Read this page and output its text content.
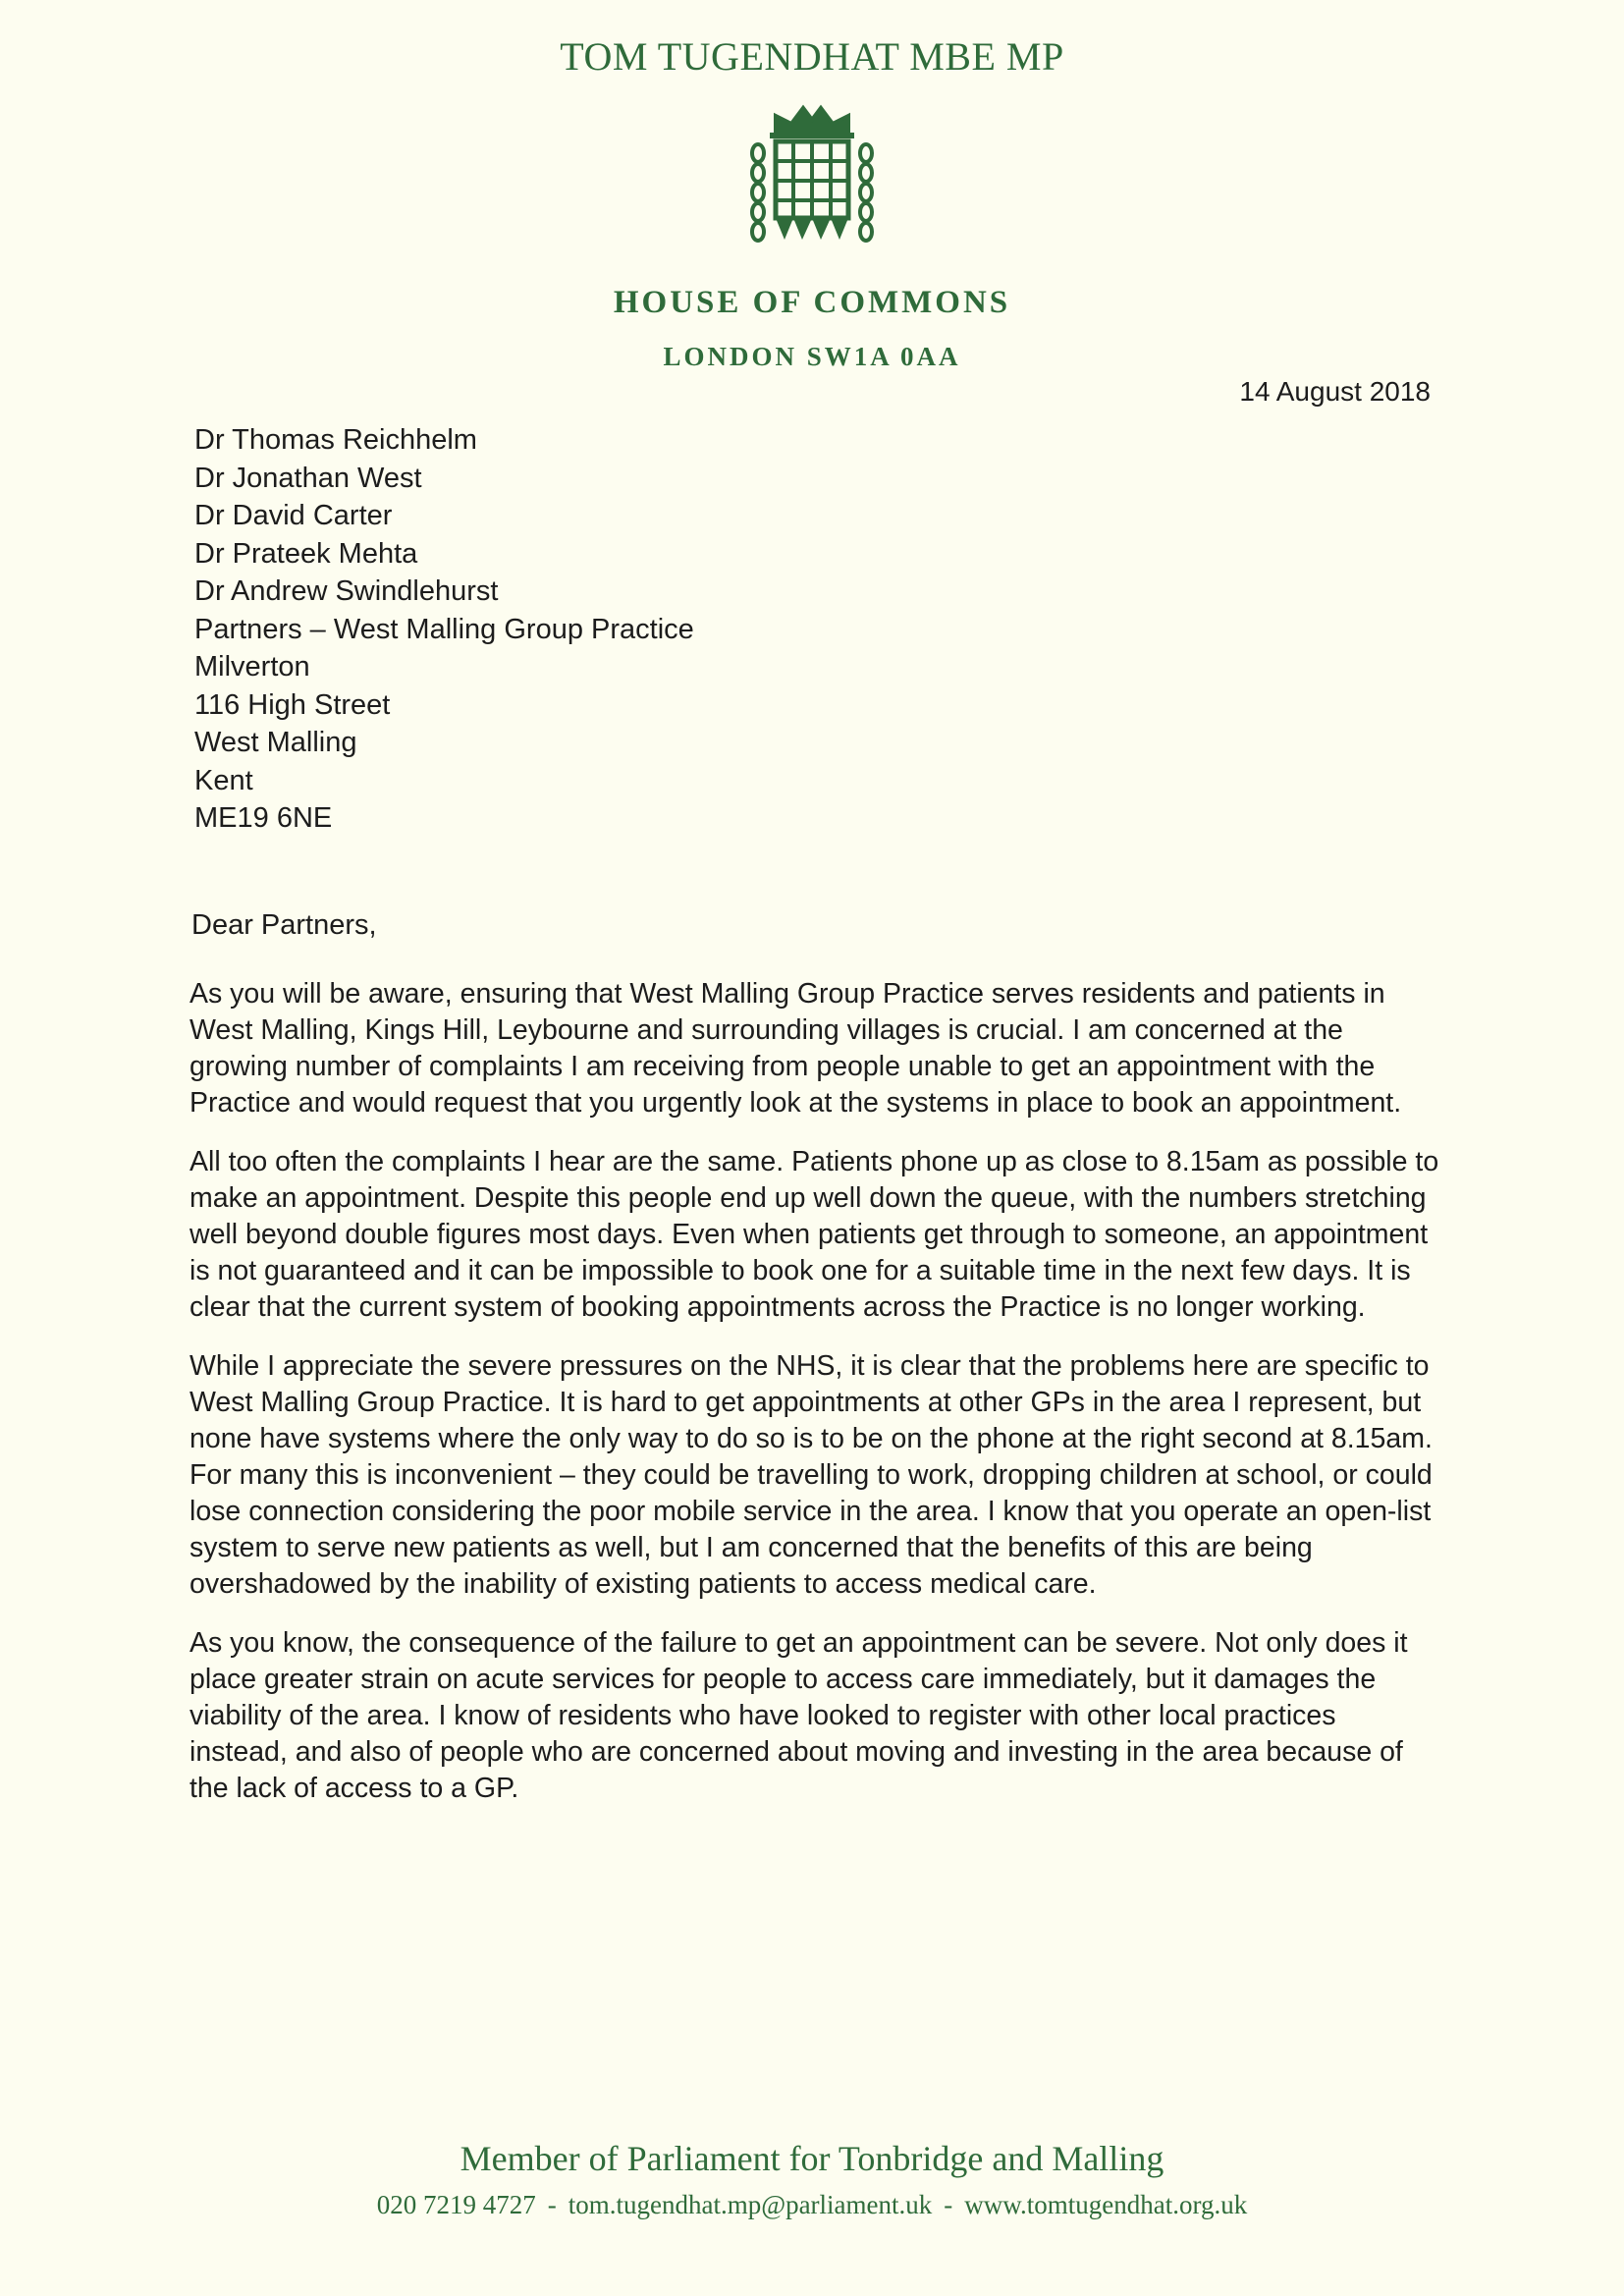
TOM TUGENDHAT MBE MP
HOUSE OF COMMONS
LONDON SW1A 0AA
14 August 2018
Dr Thomas Reichhelm
Dr Jonathan West
Dr David Carter
Dr Prateek Mehta
Dr Andrew Swindlehurst
Partners – West Malling Group Practice
Milverton
116 High Street
West Malling
Kent
ME19 6NE
Dear Partners,

As you will be aware, ensuring that West Malling Group Practice serves residents and patients in West Malling, Kings Hill, Leybourne and surrounding villages is crucial. I am concerned at the growing number of complaints I am receiving from people unable to get an appointment with the Practice and would request that you urgently look at the systems in place to book an appointment.

All too often the complaints I hear are the same. Patients phone up as close to 8.15am as possible to make an appointment. Despite this people end up well down the queue, with the numbers stretching well beyond double figures most days. Even when patients get through to someone, an appointment is not guaranteed and it can be impossible to book one for a suitable time in the next few days. It is clear that the current system of booking appointments across the Practice is no longer working.

While I appreciate the severe pressures on the NHS, it is clear that the problems here are specific to West Malling Group Practice. It is hard to get appointments at other GPs in the area I represent, but none have systems where the only way to do so is to be on the phone at the right second at 8.15am. For many this is inconvenient – they could be travelling to work, dropping children at school, or could lose connection considering the poor mobile service in the area. I know that you operate an open-list system to serve new patients as well, but I am concerned that the benefits of this are being overshadowed by the inability of existing patients to access medical care.

As you know, the consequence of the failure to get an appointment can be severe. Not only does it place greater strain on acute services for people to access care immediately, but it damages the viability of the area. I know of residents who have looked to register with other local practices instead, and also of people who are concerned about moving and investing in the area because of the lack of access to a GP.

Member of Parliament for Tonbridge and Malling
020 7219 4727 - tom.tugendhat.mp@parliament.uk - www.tomtugendhat.org.uk
